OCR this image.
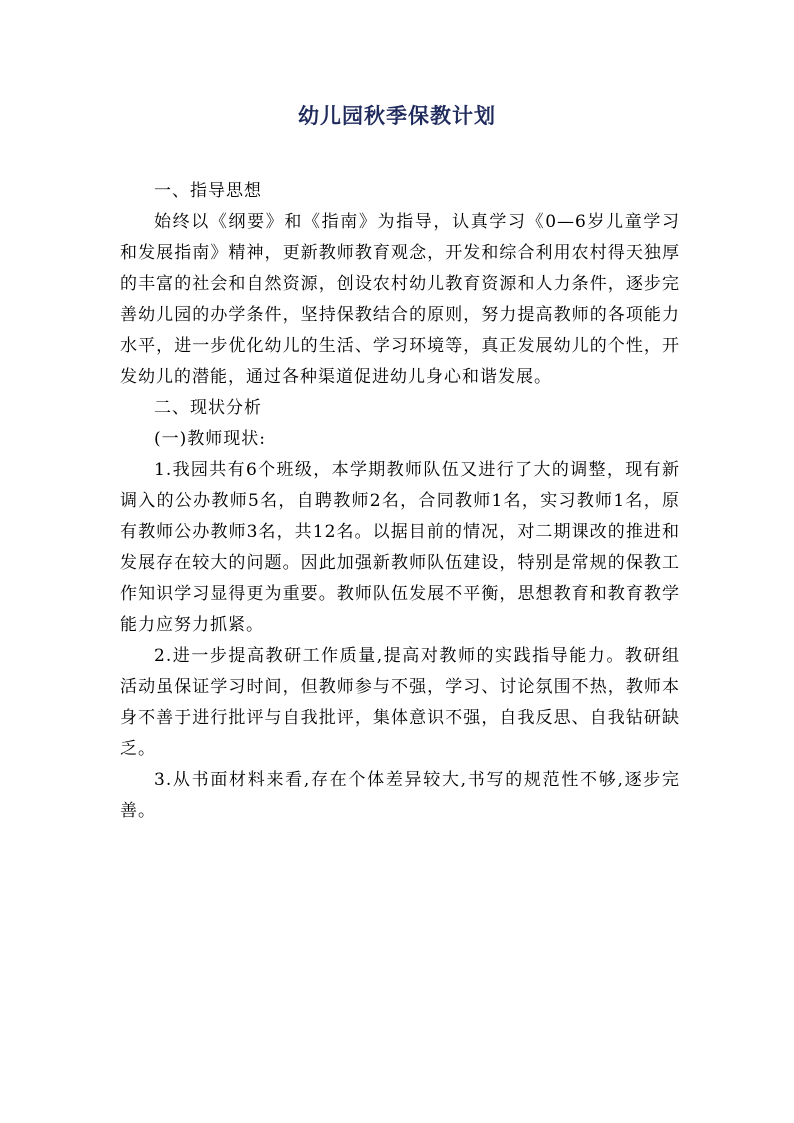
幼儿园秋季保教计划

一、指导思想

始终以《纲要》和《指南》为指导，认真学习《0—6岁儿童学习和发展指南》精神，更新教师教育观念，开发和综合利用农村得天独厚的丰富的社会和自然资源，创设农村幼儿教育资源和人力条件，逐步完善幼儿园的办学条件，坚持保教结合的原则，努力提高教师的各项能力水平，进一步优化幼儿的生活、学习环境等，真正发展幼儿的个性，开发幼儿的潜能，通过各种渠道促进幼儿身心和谐发展。

二、现状分析

(一)教师现状:

1.我园共有6个班级，本学期教师队伍又进行了大的调整，现有新调入的公办教师5名，自聘教师2名，合同教师1名，实习教师1名，原有教师公办教师3名，共12名。以据目前的情况，对二期课改的推进和发展存在较大的问题。因此加强新教师队伍建设，特别是常规的保教工作知识学习显得更为重要。教师队伍发展不平衡，思想教育和教育教学能力应努力抓紧。

2.进一步提高教研工作质量,提高对教师的实践指导能力。教研组活动虽保证学习时间，但教师参与不强，学习、讨论氛围不热，教师本身不善于进行批评与自我批评，集体意识不强，自我反思、自我钻研缺乏。

3.从书面材料来看,存在个体差异较大,书写的规范性不够,逐步完善。
